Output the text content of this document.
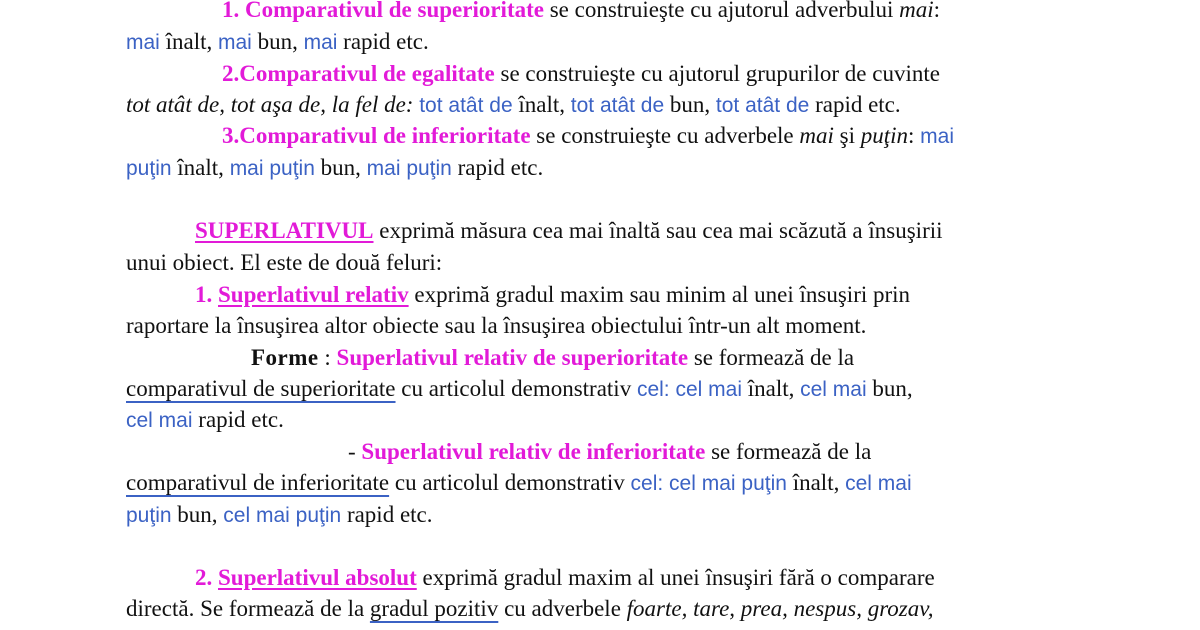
1. Comparativul de superioritate se construieşte cu ajutorul adverbului mai:
mai înalt, mai bun, mai rapid etc.
2.Comparativul de egalitate se construieşte cu ajutorul grupurilor de cuvinte
tot atât de, tot aşa de, la fel de: tot atât de înalt, tot atât de bun, tot atât de rapid etc.
3.Comparativul de inferioritate se construieşte cu adverbele mai şi puţin: mai
puţin înalt, mai puţin bun, mai puţin rapid etc.
SUPERLATIVUL exprimă măsura cea mai înaltă sau cea mai scăzută a însuşirii
unui obiect. El este de două feluri:
1. Superlativul relativ exprimă gradul maxim sau minim al unei însuşiri prin
raportare la însuşirea altor obiecte sau la însuşirea obiectului într-un alt moment.
Forme : Superlativul relativ de superioritate se formează de la
comparativul de superioritate cu articolul demonstrativ cel: cel mai înalt, cel mai bun,
cel mai rapid etc.
- Superlativul relativ de inferioritate se formează de la
comparativul de inferioritate cu articolul demonstrativ cel: cel mai puţin înalt, cel mai
puţin bun, cel mai puţin rapid etc.
2. Superlativul absolut exprimă gradul maxim al unei însuşiri fără o comparare
directă. Se formează de la gradul pozitiv cu adverbele foarte, tare, prea, nespus, grozav,
